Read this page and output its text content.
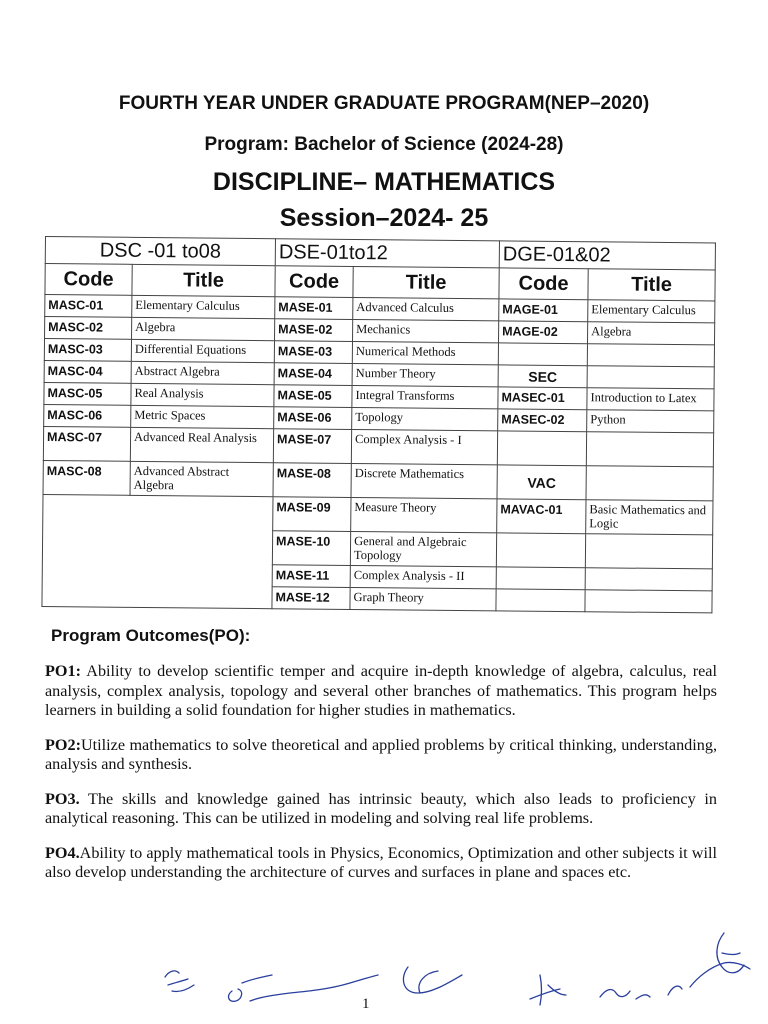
FOURTH YEAR UNDER GRADUATE PROGRAM(NEP–2020)
Program: Bachelor of Science (2024-28)
DISCIPLINE– MATHEMATICS
Session–2024- 25
DSC -01 to08		DSE-01to12		DGE-01&02	
Code	Title	Code	Title	Code	Title
MASC-01	Elementary Calculus	MASE-01	Advanced Calculus	MAGE-01	Elementary Calculus
MASC-02	Algebra	MASE-02	Mechanics	MAGE-02	Algebra
MASC-03	Differential Equations	MASE-03	Numerical Methods		
MASC-04	Abstract Algebra	MASE-04	Number Theory	SEC	
MASC-05	Real Analysis	MASE-05	Integral Transforms	MASEC-01	Introduction to Latex
MASC-06	Metric Spaces	MASE-06	Topology	MASEC-02	Python
MASC-07	Advanced Real Analysis	MASE-07	Complex Analysis - I		
MASC-08	Advanced Abstract Algebra	MASE-08	Discrete Mathematics	VAC	
		MASE-09	Measure Theory	MAVAC-01	Basic Mathematics and Logic
		MASE-10	General and Algebraic Topology		
		MASE-11	Complex Analysis - II		
		MASE-12	Graph Theory		
Program Outcomes(PO):

PO1: Ability to develop scientific temper and acquire in-depth knowledge of algebra, calculus, real analysis, complex analysis, topology and several other branches of mathematics. This program helps learners in building a solid foundation for higher studies in mathematics.

PO2:Utilize mathematics to solve theoretical and applied problems by critical thinking, understanding, analysis and synthesis.

PO3. The skills and knowledge gained has intrinsic beauty, which also leads to proficiency in analytical reasoning. This can be utilized in modeling and solving real life problems.

PO4.Ability to apply mathematical tools in Physics, Economics, Optimization and other subjects it will also develop understanding the architecture of curves and surfaces in plane and spaces etc.

1
